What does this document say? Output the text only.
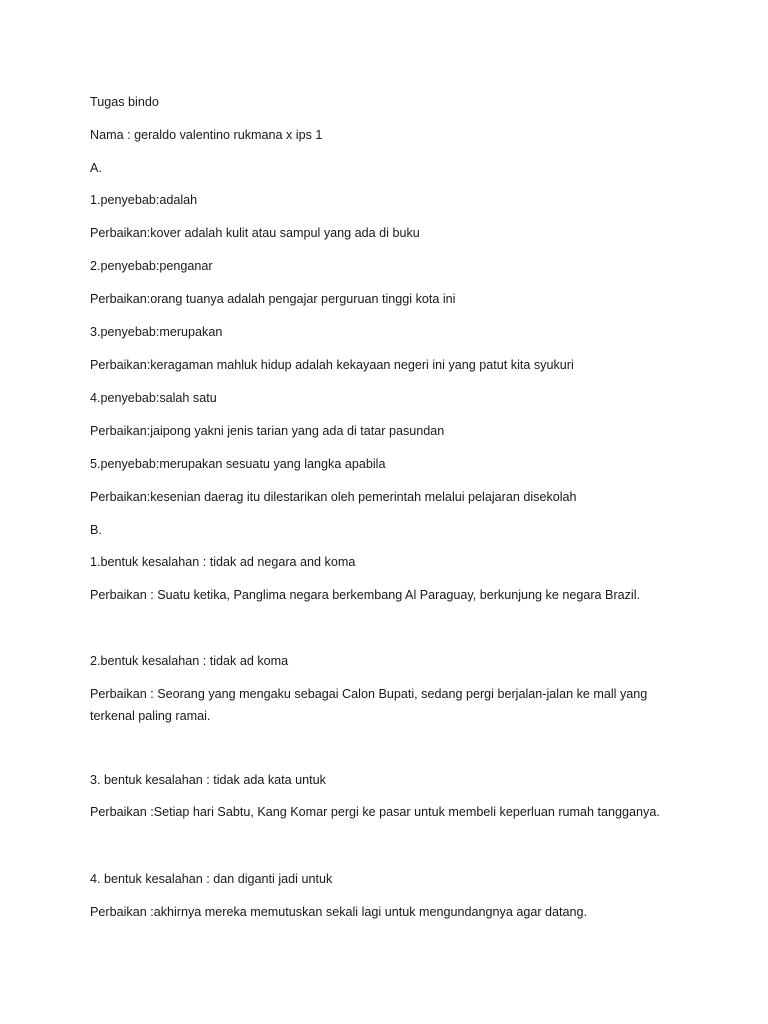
Tugas bindo
Nama : geraldo valentino rukmana x ips 1
A.
1.penyebab:adalah
Perbaikan:kover adalah kulit atau sampul yang ada di buku
2.penyebab:penganar
Perbaikan:orang tuanya adalah pengajar perguruan tinggi kota ini
3.penyebab:merupakan
Perbaikan:keragaman mahluk hidup adalah kekayaan negeri ini yang patut kita syukuri
4.penyebab:salah satu
Perbaikan:jaipong yakni jenis tarian yang ada di tatar pasundan
5.penyebab:merupakan sesuatu yang langka apabila
Perbaikan:kesenian daerag itu dilestarikan oleh pemerintah melalui pelajaran disekolah
B.
1.bentuk kesalahan : tidak ad negara and koma
Perbaikan : Suatu ketika, Panglima negara berkembang Al Paraguay, berkunjung ke negara Brazil.
2.bentuk kesalahan : tidak ad koma
Perbaikan : Seorang yang mengaku sebagai Calon Bupati, sedang pergi berjalan-jalan ke mall yang
terkenal paling ramai.
3. bentuk kesalahan : tidak ada kata untuk
Perbaikan :Setiap hari Sabtu, Kang Komar pergi ke pasar untuk membeli keperluan rumah tangganya.
4. bentuk kesalahan : dan diganti jadi untuk
Perbaikan :akhirnya mereka memutuskan sekali lagi untuk mengundangnya agar datang.
